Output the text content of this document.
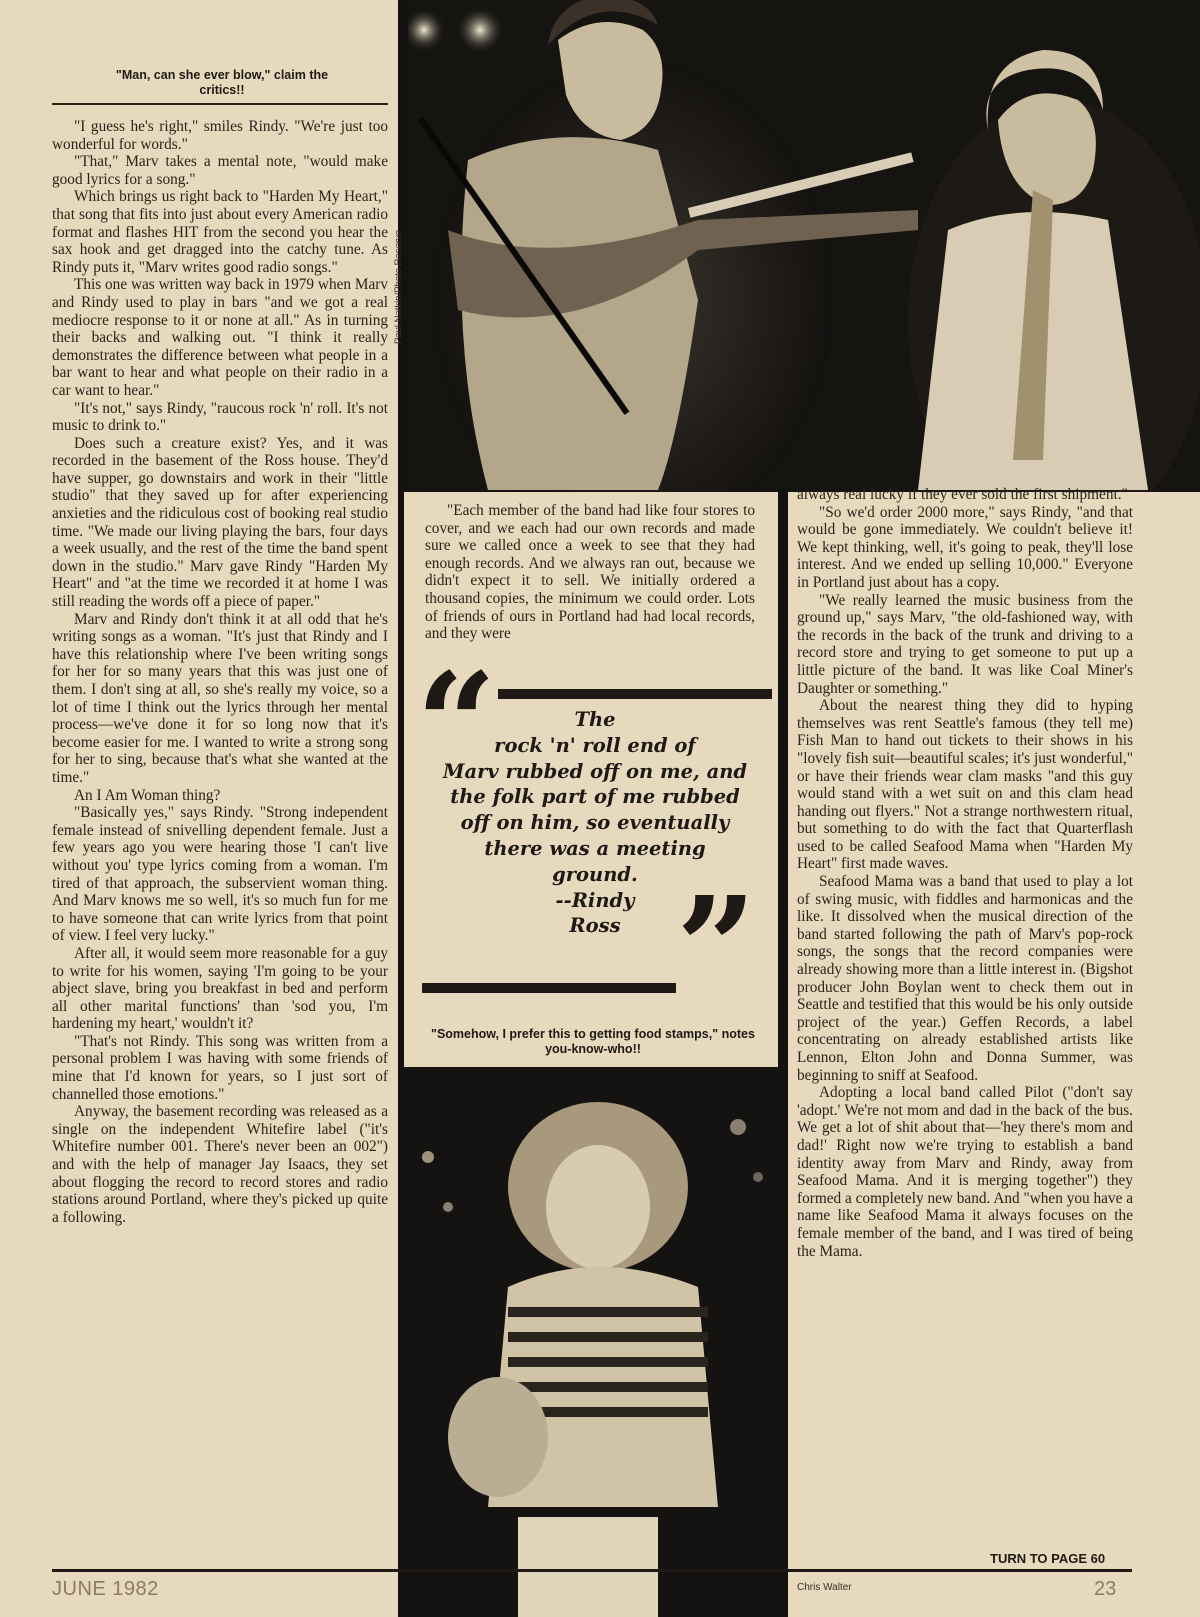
"Man, can she ever blow," claim the critics!!
Paul Natkin/Photo Reserve

"I guess he's right," smiles Rindy. "We're just too wonderful for words."

"That," Marv takes a mental note, "would make good lyrics for a song."

Which brings us right back to "Harden My Heart," that song that fits into just about every American radio format and flashes HIT from the second you hear the sax hook and get dragged into the catchy tune. As Rindy puts it, "Marv writes good radio songs."

This one was written way back in 1979 when Marv and Rindy used to play in bars "and we got a real mediocre response to it or none at all." As in turning their backs and walking out. "I think it really demonstrates the difference between what people in a bar want to hear and what people on their radio in a car want to hear."

"It's not," says Rindy, "raucous rock 'n' roll. It's not music to drink to."

Does such a creature exist? Yes, and it was recorded in the basement of the Ross house. They'd have supper, go downstairs and work in their "little studio" that they saved up for after experiencing anxieties and the ridiculous cost of booking real studio time. "We made our living playing the bars, four days a week usually, and the rest of the time the band spent down in the studio." Marv gave Rindy "Harden My Heart" and "at the time we recorded it at home I was still reading the words off a piece of paper."

Marv and Rindy don't think it at all odd that he's writing songs as a woman. "It's just that Rindy and I have this relationship where I've been writing songs for her for so many years that this was just one of them. I don't sing at all, so she's really my voice, so a lot of time I think out the lyrics through her mental process—we've done it for so long now that it's become easier for me. I wanted to write a strong song for her to sing, because that's what she wanted at the time."

An I Am Woman thing?

"Basically yes," says Rindy. "Strong independent female instead of snivelling dependent female. Just a few years ago you were hearing those 'I can't live without you' type lyrics coming from a woman. I'm tired of that approach, the subservient woman thing. And Marv knows me so well, it's so much fun for me to have someone that can write lyrics from that point of view. I feel very lucky."

After all, it would seem more reasonable for a guy to write for his women, saying 'I'm going to be your abject slave, bring you breakfast in bed and perform all other marital functions' than 'sod you, I'm hardening my heart,' wouldn't it?

"That's not Rindy. This song was written from a personal problem I was having with some friends of mine that I'd known for years, so I just sort of channelled those emotions."

Anyway, the basement recording was released as a single on the independent Whitefire label ("it's Whitefire number 001. There's never been an 002") and with the help of manager Jay Isaacs, they set about flogging the record to record stores and radio stations around Portland, where they's picked up quite a following.

"Each member of the band had like four stores to cover, and we each had our own records and made sure we called once a week to see that they had enough records. And we always ran out, because we didn't expect it to sell. We initially ordered a thousand copies, the minimum we could order. Lots of friends of ours in Portland had had local records, and they were

“	The
rock 'n' roll end of
Marv rubbed off on me, and
the folk part of me rubbed
off on him, so eventually
there was a meeting
ground.
--Rindy
Ross ”
"Somehow, I prefer this to getting food stamps," notes you-know-who!!

always real lucky if they ever sold the first shipment."

"So we'd order 2000 more," says Rindy, "and that would be gone immediately. We couldn't believe it! We kept thinking, well, it's going to peak, they'll lose interest. And we ended up selling 10,000." Everyone in Portland just about has a copy.

"We really learned the music business from the ground up," says Marv, "the old-fashioned way, with the records in the back of the trunk and driving to a record store and trying to get someone to put up a little picture of the band. It was like Coal Miner's Daughter or something."

About the nearest thing they did to hyping themselves was rent Seattle's famous (they tell me) Fish Man to hand out tickets to their shows in his "lovely fish suit—beautiful scales; it's just wonderful," or have their friends wear clam masks "and this guy would stand with a wet suit on and this clam head handing out flyers." Not a strange northwestern ritual, but something to do with the fact that Quarterflash used to be called Seafood Mama when "Harden My Heart" first made waves.

Seafood Mama was a band that used to play a lot of swing music, with fiddles and harmonicas and the like. It dissolved when the musical direction of the band started following the path of Marv's pop-rock songs, the songs that the record companies were already showing more than a little interest in. (Bigshot producer John Boylan went to check them out in Seattle and testified that this would be his only outside project of the year.) Geffen Records, a label concentrating on already established artists like Lennon, Elton John and Donna Summer, was beginning to sniff at Seafood.

Adopting a local band called Pilot ("don't say 'adopt.' We're not mom and dad in the back of the bus. We get a lot of shit about that—'hey there's mom and dad!' Right now we're trying to establish a band identity away from Marv and Rindy, away from Seafood Mama. And it is merging together") they formed a completely new band. And "when you have a name like Seafood Mama it always focuses on the female member of the band, and I was tired of being the Mama.

TURN TO PAGE 60
JUNE 1982	Chris Walter	23
